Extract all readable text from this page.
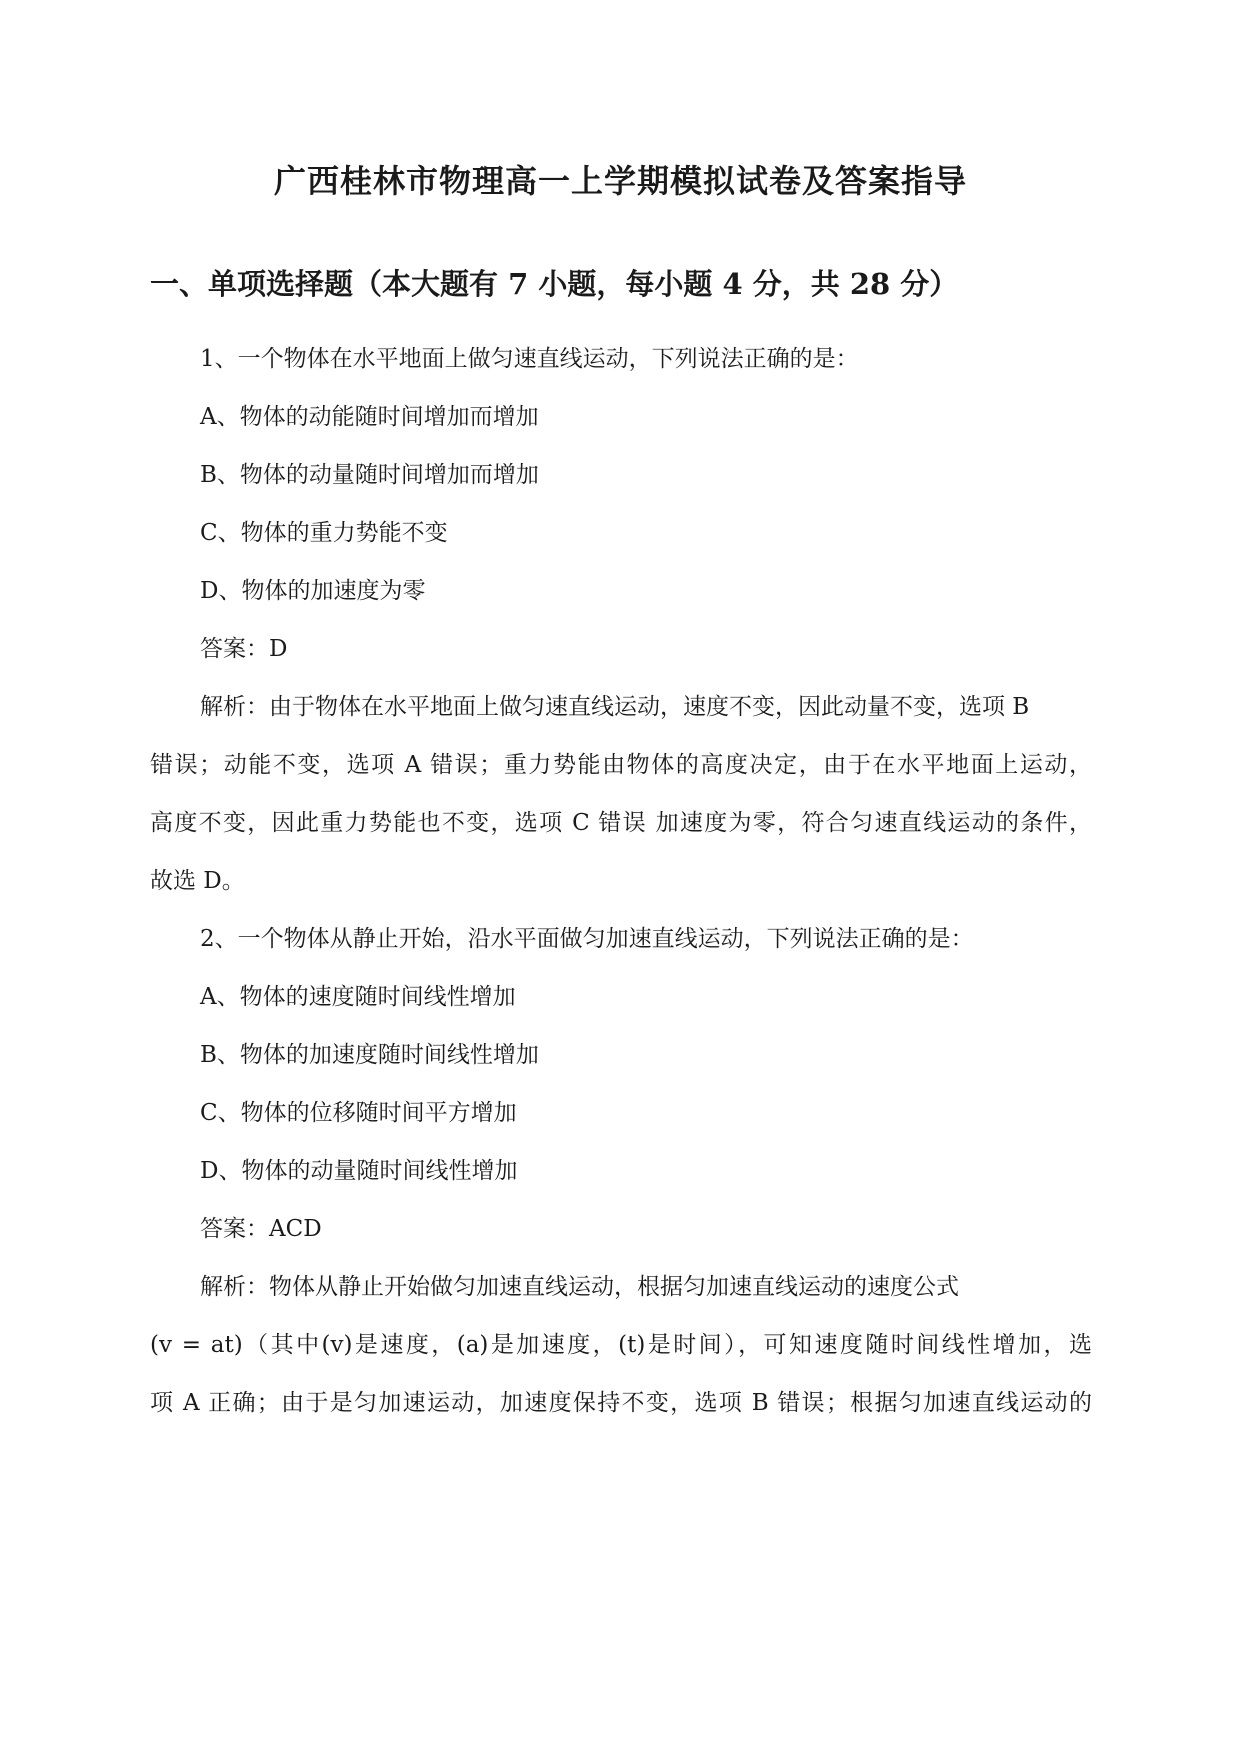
广西桂林市物理高一上学期模拟试卷及答案指导
一、单项选择题（本大题有 7 小题，每小题 4 分，共 28 分）

1、一个物体在水平地面上做匀速直线运动，下列说法正确的是：

A、物体的动能随时间增加而增加

B、物体的动量随时间增加而增加

C、物体的重力势能不变

D、物体的加速度为零

答案：D

解析：由于物体在水平地面上做匀速直线运动，速度不变，因此动量不变，选项 B

错误；动能不变，选项 A 错误；重力势能由物体的高度决定，由于在水平地面上运动，

高度不变，因此重力势能也不变，选项 C 错误 加速度为零，符合匀速直线运动的条件，

故选 D。

2、一个物体从静止开始，沿水平面做匀加速直线运动，下列说法正确的是：

A、物体的速度随时间线性增加

B、物体的加速度随时间线性增加

C、物体的位移随时间平方增加

D、物体的动量随时间线性增加

答案：ACD

解析：物体从静止开始做匀加速直线运动，根据匀加速直线运动的速度公式

(v = at)（其中(v)是速度，(a)是加速度，(t)是时间），可知速度随时间线性增加，选

项 A 正确；由于是匀加速运动，加速度保持不变，选项 B 错误；根据匀加速直线运动的
